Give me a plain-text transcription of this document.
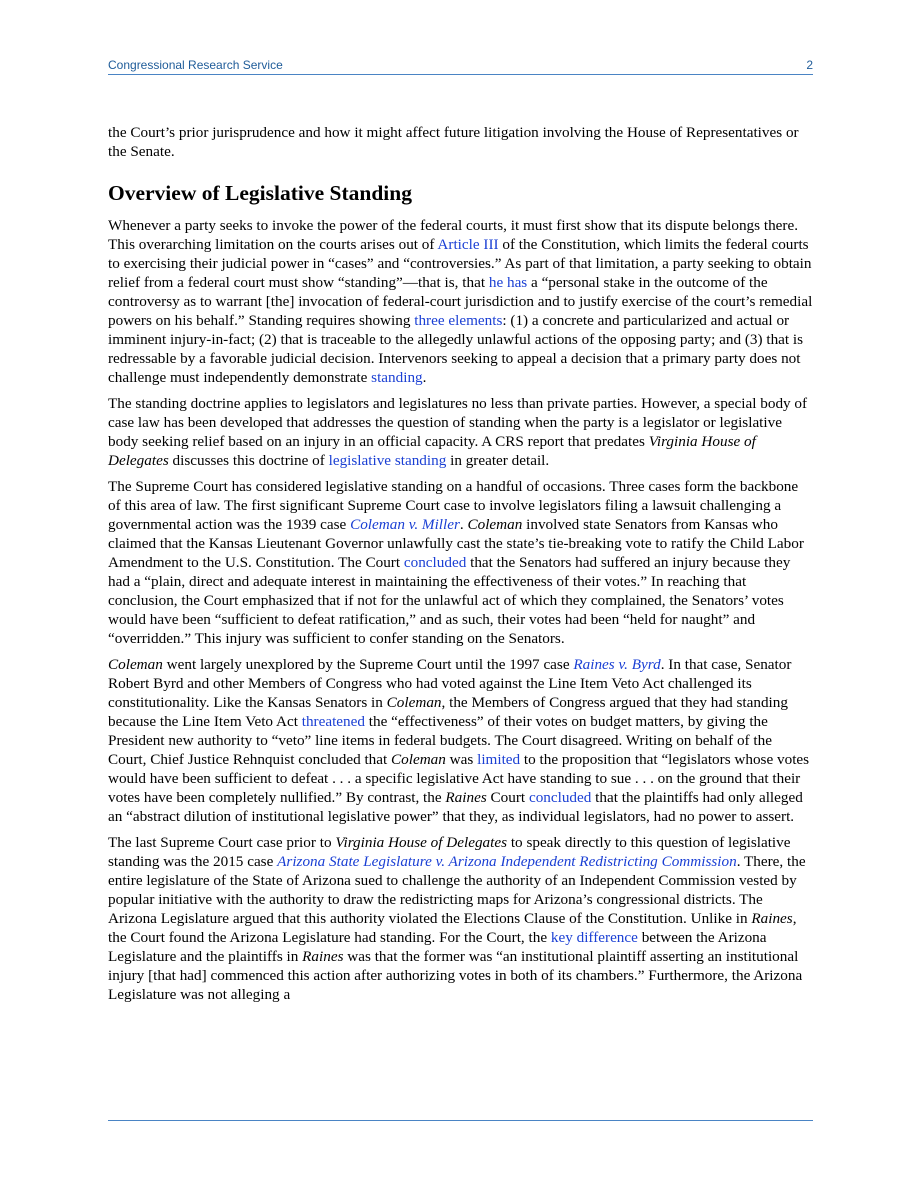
Congressional Research Service	2

the Court’s prior jurisprudence and how it might affect future litigation involving the House of Representatives or the Senate.

Overview of Legislative Standing

Whenever a party seeks to invoke the power of the federal courts, it must first show that its dispute belongs there. This overarching limitation on the courts arises out of Article III of the Constitution, which limits the federal courts to exercising their judicial power in “cases” and “controversies.” As part of that limitation, a party seeking to obtain relief from a federal court must show “standing”—that is, that he has a “personal stake in the outcome of the controversy as to warrant [the] invocation of federal-court jurisdiction and to justify exercise of the court’s remedial powers on his behalf.” Standing requires showing three elements: (1) a concrete and particularized and actual or imminent injury-in-fact; (2) that is traceable to the allegedly unlawful actions of the opposing party; and (3) that is redressable by a favorable judicial decision. Intervenors seeking to appeal a decision that a primary party does not challenge must independently demonstrate standing.

The standing doctrine applies to legislators and legislatures no less than private parties. However, a special body of case law has been developed that addresses the question of standing when the party is a legislator or legislative body seeking relief based on an injury in an official capacity. A CRS report that predates Virginia House of Delegates discusses this doctrine of legislative standing in greater detail.

The Supreme Court has considered legislative standing on a handful of occasions. Three cases form the backbone of this area of law. The first significant Supreme Court case to involve legislators filing a lawsuit challenging a governmental action was the 1939 case Coleman v. Miller. Coleman involved state Senators from Kansas who claimed that the Kansas Lieutenant Governor unlawfully cast the state’s tie-breaking vote to ratify the Child Labor Amendment to the U.S. Constitution. The Court concluded that the Senators had suffered an injury because they had a “plain, direct and adequate interest in maintaining the effectiveness of their votes.” In reaching that conclusion, the Court emphasized that if not for the unlawful act of which they complained, the Senators’ votes would have been “sufficient to defeat ratification,” and as such, their votes had been “held for naught” and “overridden.” This injury was sufficient to confer standing on the Senators.

Coleman went largely unexplored by the Supreme Court until the 1997 case Raines v. Byrd. In that case, Senator Robert Byrd and other Members of Congress who had voted against the Line Item Veto Act challenged its constitutionality. Like the Kansas Senators in Coleman, the Members of Congress argued that they had standing because the Line Item Veto Act threatened the “effectiveness” of their votes on budget matters, by giving the President new authority to “veto” line items in federal budgets. The Court disagreed. Writing on behalf of the Court, Chief Justice Rehnquist concluded that Coleman was limited to the proposition that “legislators whose votes would have been sufficient to defeat . . . a specific legislative Act have standing to sue . . . on the ground that their votes have been completely nullified.” By contrast, the Raines Court concluded that the plaintiffs had only alleged an “abstract dilution of institutional legislative power” that they, as individual legislators, had no power to assert.

The last Supreme Court case prior to Virginia House of Delegates to speak directly to this question of legislative standing was the 2015 case Arizona State Legislature v. Arizona Independent Redistricting Commission. There, the entire legislature of the State of Arizona sued to challenge the authority of an Independent Commission vested by popular initiative with the authority to draw the redistricting maps for Arizona’s congressional districts. The Arizona Legislature argued that this authority violated the Elections Clause of the Constitution. Unlike in Raines, the Court found the Arizona Legislature had standing. For the Court, the key difference between the Arizona Legislature and the plaintiffs in Raines was that the former was “an institutional plaintiff asserting an institutional injury [that had] commenced this action after authorizing votes in both of its chambers.” Furthermore, the Arizona Legislature was not alleging a
